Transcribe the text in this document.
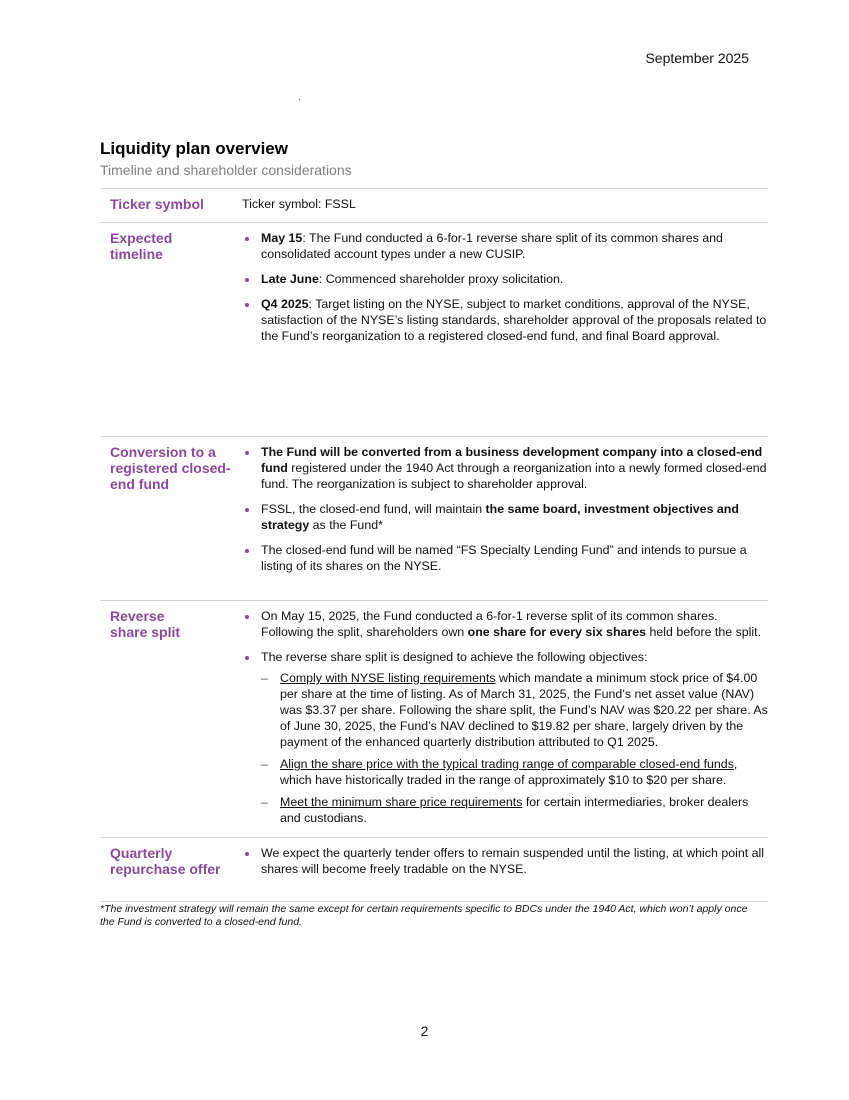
September 2025
Liquidity plan overview
Timeline and shareholder considerations
Ticker symbol	Ticker symbol: FSSL
Expected timeline
May 15: The Fund conducted a 6-for-1 reverse share split of its common shares and consolidated account types under a new CUSIP.
Late June: Commenced shareholder proxy solicitation.
Q4 2025: Target listing on the NYSE, subject to market conditions, approval of the NYSE, satisfaction of the NYSE’s listing standards, shareholder approval of the proposals related to the Fund’s reorganization to a registered closed-end fund, and final Board approval.
Conversion to a registered closed-end fund
The Fund will be converted from a business development company into a closed-end fund registered under the 1940 Act through a reorganization into a newly formed closed-end fund. The reorganization is subject to shareholder approval.
FSSL, the closed-end fund, will maintain the same board, investment objectives and strategy as the Fund*
The closed-end fund will be named “FS Specialty Lending Fund” and intends to pursue a listing of its shares on the NYSE.
Reverse share split
On May 15, 2025, the Fund conducted a 6-for-1 reverse split of its common shares. Following the split, shareholders own one share for every six shares held before the split.
The reverse share split is designed to achieve the following objectives:
– Comply with NYSE listing requirements which mandate a minimum stock price of $4.00 per share at the time of listing. As of March 31, 2025, the Fund’s net asset value (NAV) was $3.37 per share. Following the share split, the Fund’s NAV was $20.22 per share. As of June 30, 2025, the Fund’s NAV declined to $19.82 per share, largely driven by the payment of the enhanced quarterly distribution attributed to Q1 2025.
– Align the share price with the typical trading range of comparable closed-end funds, which have historically traded in the range of approximately $10 to $20 per share.
– Meet the minimum share price requirements for certain intermediaries, broker dealers and custodians.
Quarterly repurchase offer
We expect the quarterly tender offers to remain suspended until the listing, at which point all shares will become freely tradable on the NYSE.
*The investment strategy will remain the same except for certain requirements specific to BDCs under the 1940 Act, which won’t apply once the Fund is converted to a closed-end fund.
2
